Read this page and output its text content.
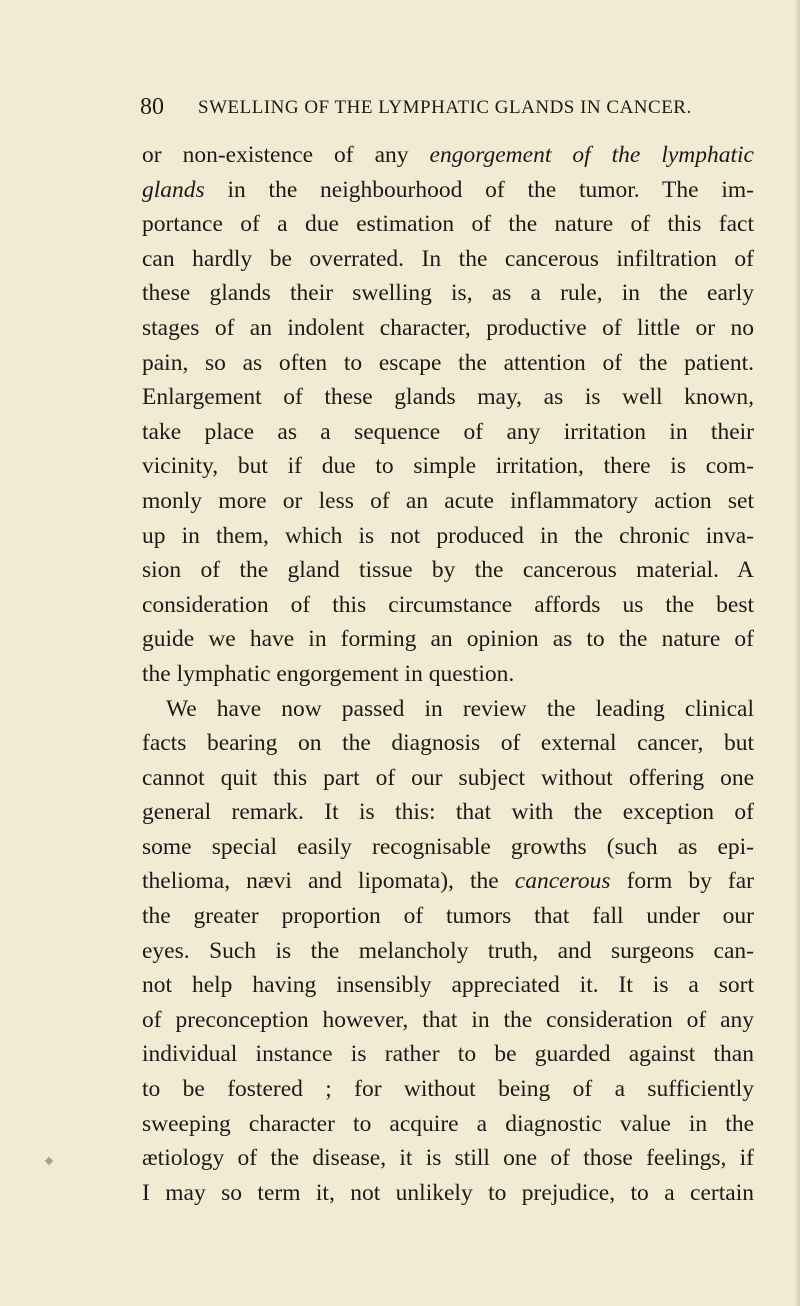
80 SWELLING OF THE LYMPHATIC GLANDS IN CANCER.
or non-existence of any engorgement of the lymphatic
glands in the neighbourhood of the tumor. The im-
portance of a due estimation of the nature of this fact
can hardly be overrated. In the cancerous infiltration of
these glands their swelling is, as a rule, in the early
stages of an indolent character, productive of little or no
pain, so as often to escape the attention of the patient.
Enlargement of these glands may, as is well known,
take place as a sequence of any irritation in their
vicinity, but if due to simple irritation, there is com-
monly more or less of an acute inflammatory action set
up in them, which is not produced in the chronic inva-
sion of the gland tissue by the cancerous material. A
consideration of this circumstance affords us the best
guide we have in forming an opinion as to the nature of
the lymphatic engorgement in question.
We have now passed in review the leading clinical
facts bearing on the diagnosis of external cancer, but
cannot quit this part of our subject without offering one
general remark. It is this: that with the exception of
some special easily recognisable growths (such as epi-
thelioma, nævi and lipomata), the cancerous form by far
the greater proportion of tumors that fall under our
eyes. Such is the melancholy truth, and surgeons can-
not help having insensibly appreciated it. It is a sort
of preconception however, that in the consideration of any
individual instance is rather to be guarded against than
to be fostered ; for without being of a sufficiently
sweeping character to acquire a diagnostic value in the
ætiology of the disease, it is still one of those feelings, if
I may so term it, not unlikely to prejudice, to a certain
